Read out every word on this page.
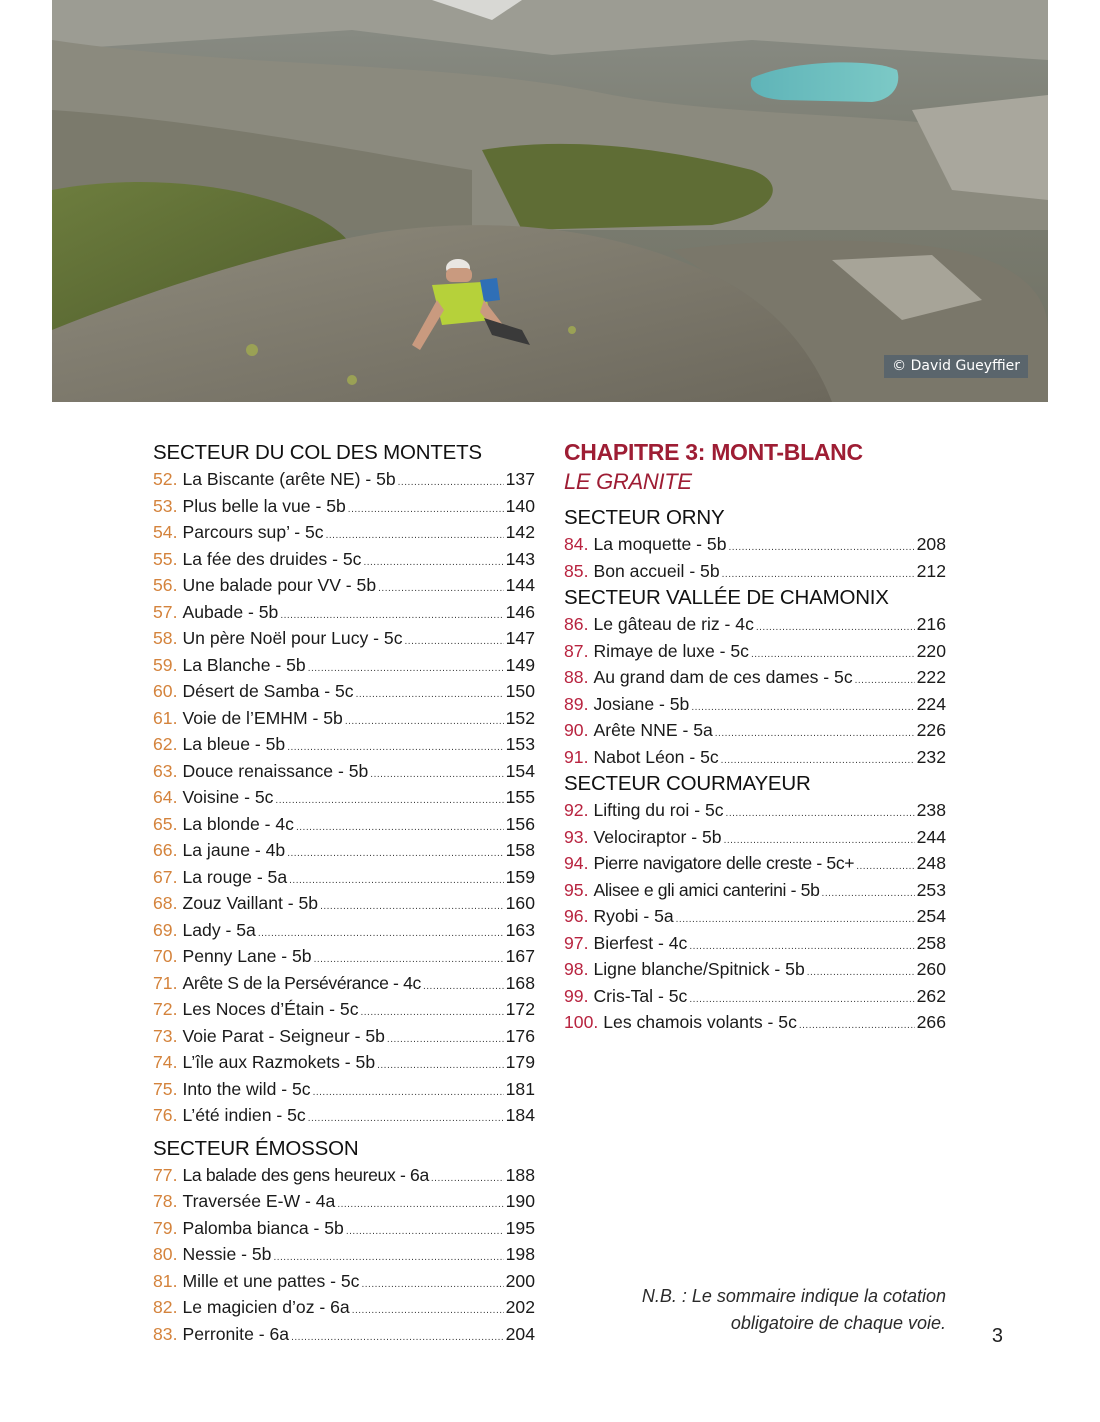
© David Gueyffier
SECTEUR DU COL DES MONTETS
52. La Biscante (arête NE) - 5b .....	137
53. Plus belle la vue - 5b .....	140
54. Parcours sup’ - 5c .....	142
55. La fée des druides - 5c .....	143
56. Une balade pour VV - 5b .....	144
57. Aubade - 5b .....	146
58. Un père Noël pour Lucy - 5c .....	147
59. La Blanche - 5b .....	149
60. Désert de Samba - 5c .....	150
61. Voie de l’EMHM - 5b .....	152
62. La bleue - 5b .....	153
63. Douce renaissance - 5b .....	154
64. Voisine - 5c .....	155
65. La blonde - 4c .....	156
66. La jaune - 4b .....	158
67. La rouge - 5a .....	159
68. Zouz Vaillant - 5b .....	160
69. Lady - 5a .....	163
70. Penny Lane - 5b .....	167
71. Arête S de la Persévérance - 4c .....	168
72. Les Noces d’Étain - 5c .....	172
73. Voie Parat - Seigneur - 5b .....	176
74. L’île aux Razmokets - 5b .....	179
75. Into the wild - 5c .....	181
76. L’été indien - 5c .....	184
SECTEUR ÉMOSSON
77. La balade des gens heureux - 6a .....	188
78. Traversée E-W - 4a .....	190
79. Palomba bianca - 5b .....	195
80. Nessie - 5b .....	198
81. Mille et une pattes - 5c .....	200
82. Le magicien d’oz - 6a .....	202
83. Perronite - 6a .....	204
CHAPITRE 3: MONT-BLANC
LE GRANITE
SECTEUR ORNY
84. La moquette - 5b .....	208
85. Bon accueil - 5b .....	212
SECTEUR VALLÉE DE CHAMONIX
86. Le gâteau de riz - 4c .....	216
87. Rimaye de luxe - 5c .....	220
88. Au grand dam de ces dames - 5c .....	222
89. Josiane - 5b .....	224
90. Arête NNE - 5a .....	226
91. Nabot Léon - 5c .....	232
SECTEUR COURMAYEUR
92. Lifting du roi - 5c .....	238
93. Velociraptor - 5b .....	244
94. Pierre navigatore delle creste - 5c+ .....	248
95. Alisee e gli amici canterini - 5b .....	253
96. Ryobi - 5a .....	254
97. Bierfest - 4c .....	258
98. Ligne blanche/Spitnick - 5b .....	260
99. Cris-Tal - 5c .....	262
100. Les chamois volants - 5c .....	266
N.B. : Le sommaire indique la cotation
obligatoire de chaque voie.
3
